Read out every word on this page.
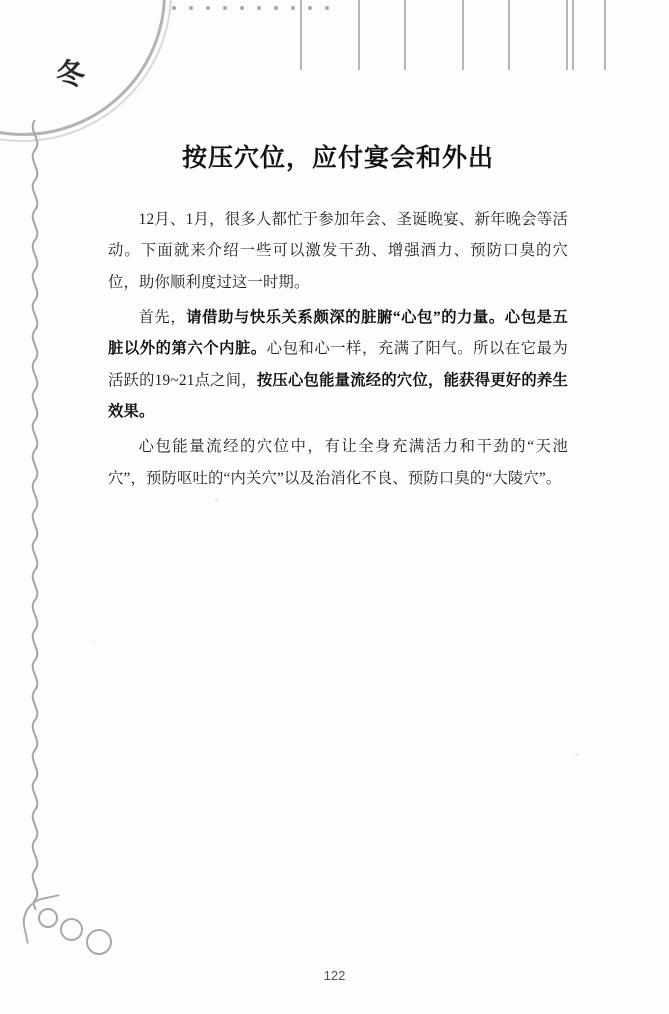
冬
按压穴位，应付宴会和外出

12月、1月，很多人都忙于参加年会、圣诞晚宴、新年晚会等活动。下面就来介绍一些可以激发干劲、增强酒力、预防口臭的穴位，助你顺利度过这一时期。

首先，请借助与快乐关系颇深的脏腑“心包”的力量。心包是五脏以外的第六个内脏。心包和心一样，充满了阳气。所以在它最为活跃的19~21点之间，按压心包能量流经的穴位，能获得更好的养生效果。

心包能量流经的穴位中，有让全身充满活力和干劲的“天池穴”，预防呕吐的“内关穴”以及治消化不良、预防口臭的“大陵穴”。

122
